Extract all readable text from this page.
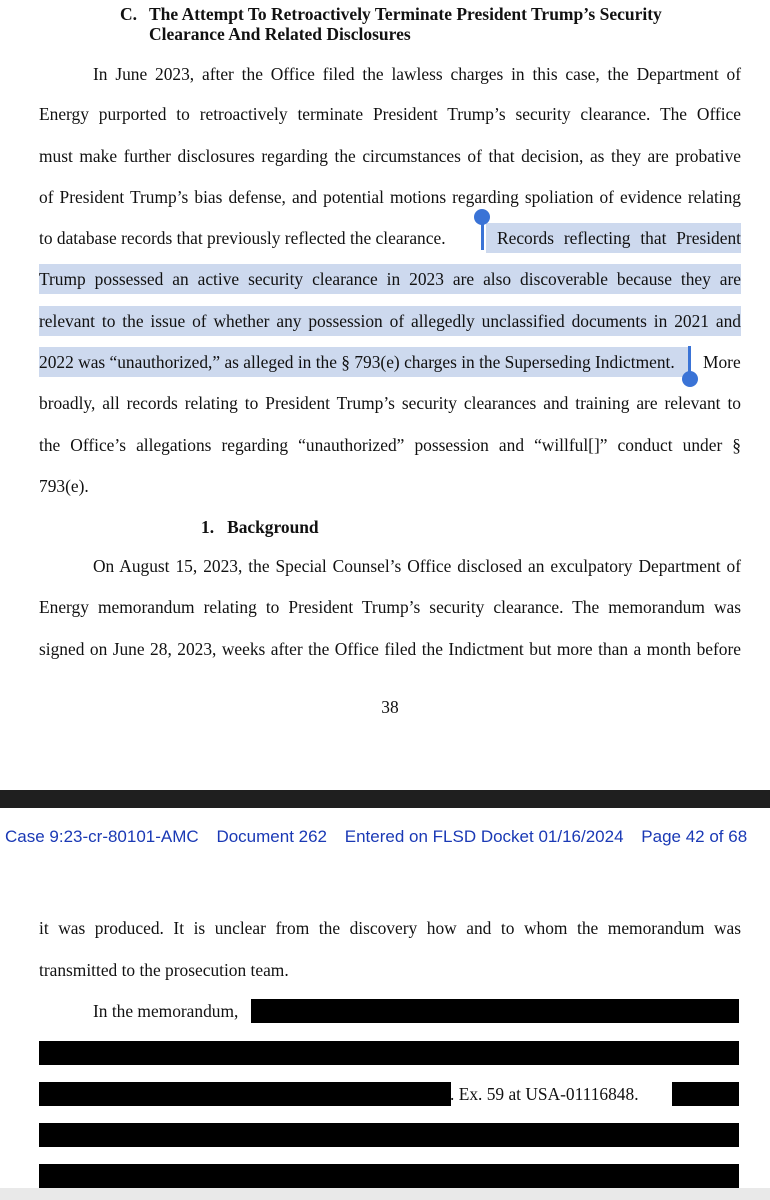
C. The Attempt To Retroactively Terminate President Trump’s Security Clearance And Related Disclosures
In June 2023, after the Office filed the lawless charges in this case, the Department of
Energy purported to retroactively terminate President Trump’s security clearance. The Office
must make further disclosures regarding the circumstances of that decision, as they are probative
of President Trump’s bias defense, and potential motions regarding spoliation of evidence relating
to database records that previously reflected the clearance.	Records reflecting that President
Trump possessed an active security clearance in 2023 are also discoverable because they are
relevant to the issue of whether any possession of allegedly unclassified documents in 2021 and
2022 was “unauthorized,” as alleged in the § 793(e) charges in the Superseding Indictment. More
broadly, all records relating to President Trump’s security clearances and training are relevant to
the Office’s allegations regarding “unauthorized” possession and “willful[]” conduct under §
793(e).
1. Background
On August 15, 2023, the Special Counsel’s Office disclosed an exculpatory Department of
Energy memorandum relating to President Trump’s security clearance. The memorandum was
signed on June 28, 2023, weeks after the Office filed the Indictment but more than a month before
38
Case 9:23-cr-80101-AMC Document 262 Entered on FLSD Docket 01/16/2024 Page 42 of 68
it was produced. It is unclear from the discovery how and to whom the memorandum was
transmitted to the prosecution team.
In the memorandum,
. Ex. 59 at USA-01116848.
